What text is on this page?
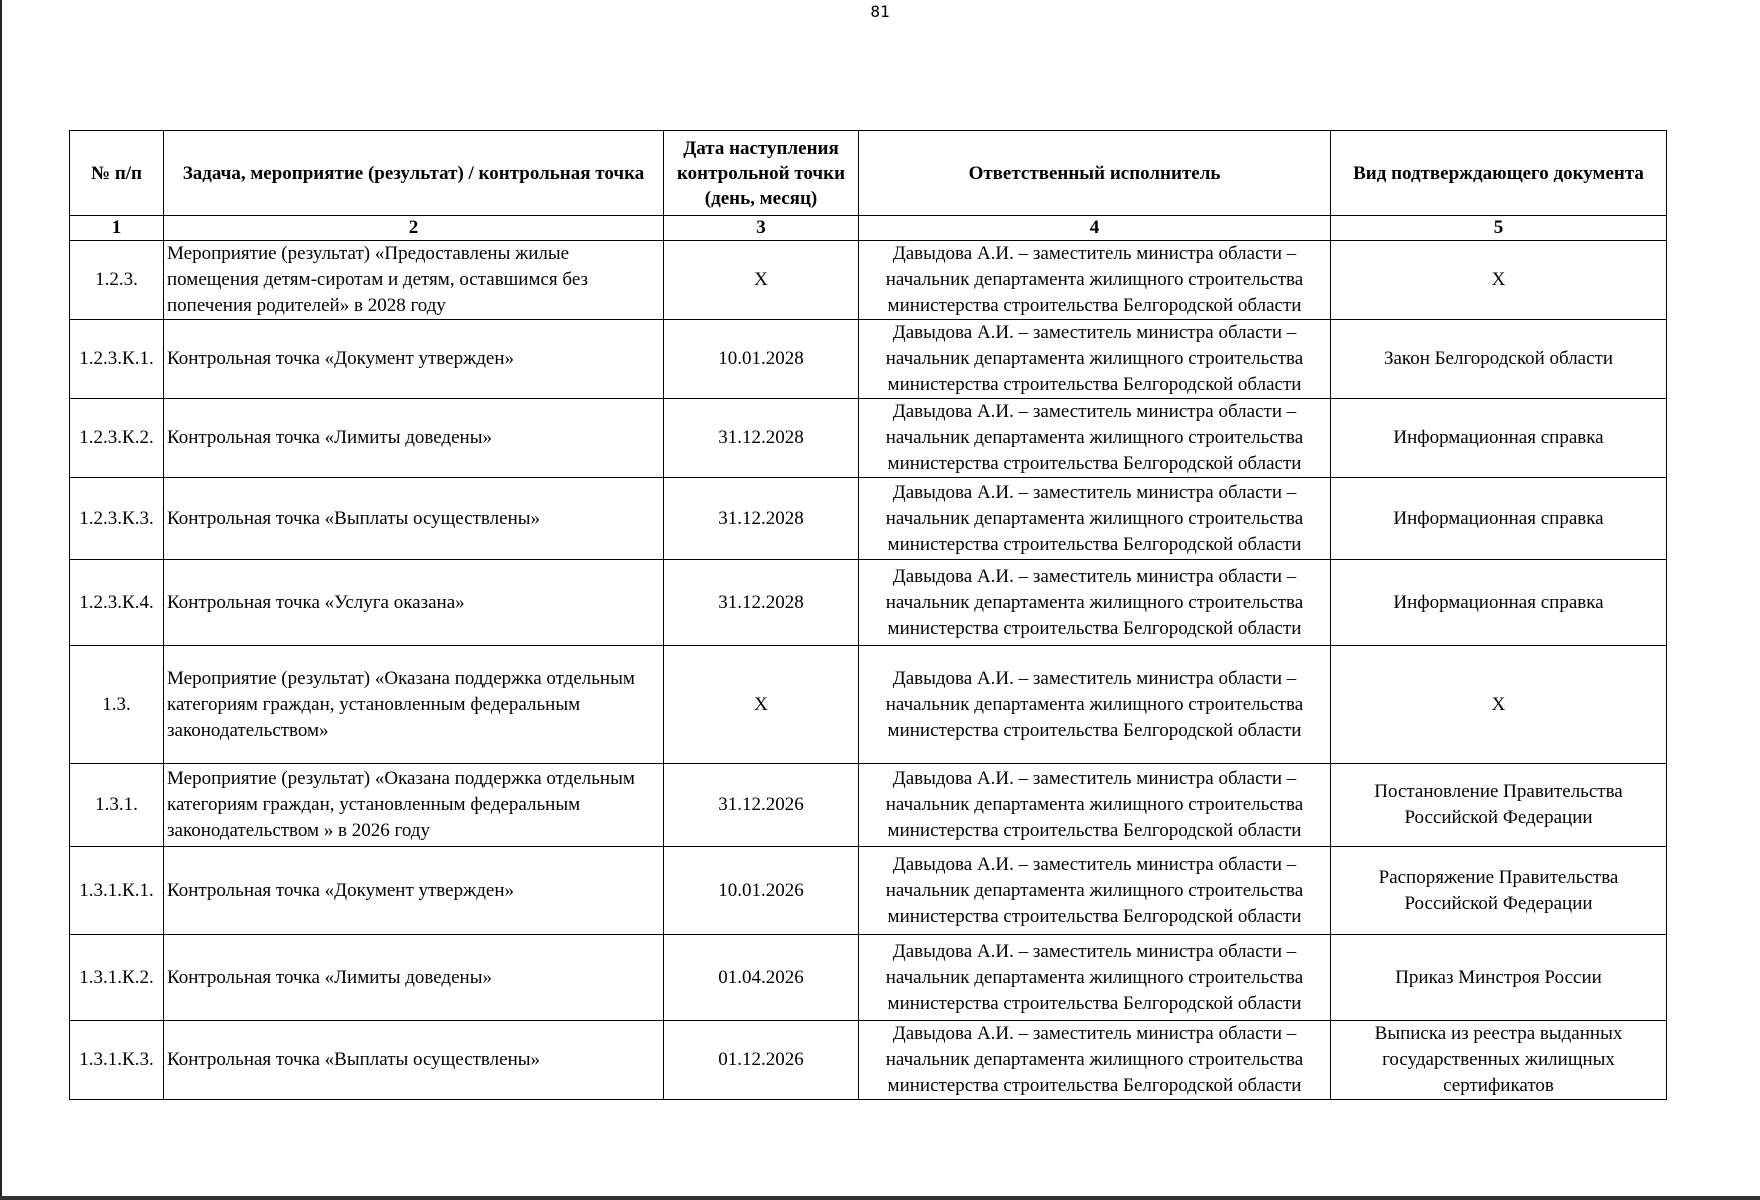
81
№ п/п	Задача, мероприятие (результат) / контрольная точка	Дата наступления контрольной точки (день, месяц)	Ответственный исполнитель	Вид подтверждающего документа
1	2	3	4	5
1.2.3.	Мероприятие (результат) «Предоставлены жилые помещения детям-сиротам и детям, оставшимся без попечения родителей» в 2028 году	Х	Давыдова А.И. – заместитель министра области – начальник департамента жилищного строительства министерства строительства Белгородской области	Х
1.2.3.К.1.	Контрольная точка «Документ утвержден»	10.01.2028	Давыдова А.И. – заместитель министра области – начальник департамента жилищного строительства министерства строительства Белгородской области	Закон Белгородской области
1.2.3.К.2.	Контрольная точка «Лимиты доведены»	31.12.2028	Давыдова А.И. – заместитель министра области – начальник департамента жилищного строительства министерства строительства Белгородской области	Информационная справка
1.2.3.К.3.	Контрольная точка «Выплаты осуществлены»	31.12.2028	Давыдова А.И. – заместитель министра области – начальник департамента жилищного строительства министерства строительства Белгородской области	Информационная справка
1.2.3.К.4.	Контрольная точка «Услуга оказана»	31.12.2028	Давыдова А.И. – заместитель министра области – начальник департамента жилищного строительства министерства строительства Белгородской области	Информационная справка
1.3.	Мероприятие (результат) «Оказана поддержка отдельным категориям граждан, установленным федеральным законодательством»	Х	Давыдова А.И. – заместитель министра области – начальник департамента жилищного строительства министерства строительства Белгородской области	Х
1.3.1.	Мероприятие (результат) «Оказана поддержка отдельным категориям граждан, установленным федеральным законодательством » в 2026 году	31.12.2026	Давыдова А.И. – заместитель министра области – начальник департамента жилищного строительства министерства строительства Белгородской области	Постановление Правительства Российской Федерации
1.3.1.К.1.	Контрольная точка «Документ утвержден»	10.01.2026	Давыдова А.И. – заместитель министра области – начальник департамента жилищного строительства министерства строительства Белгородской области	Распоряжение Правительства Российской Федерации
1.3.1.К.2.	Контрольная точка «Лимиты доведены»	01.04.2026	Давыдова А.И. – заместитель министра области – начальник департамента жилищного строительства министерства строительства Белгородской области	Приказ Минстроя России
1.3.1.К.3.	Контрольная точка «Выплаты осуществлены»	01.12.2026	Давыдова А.И. – заместитель министра области – начальник департамента жилищного строительства министерства строительства Белгородской области	Выписка из реестра выданных государственных жилищных сертификатов
